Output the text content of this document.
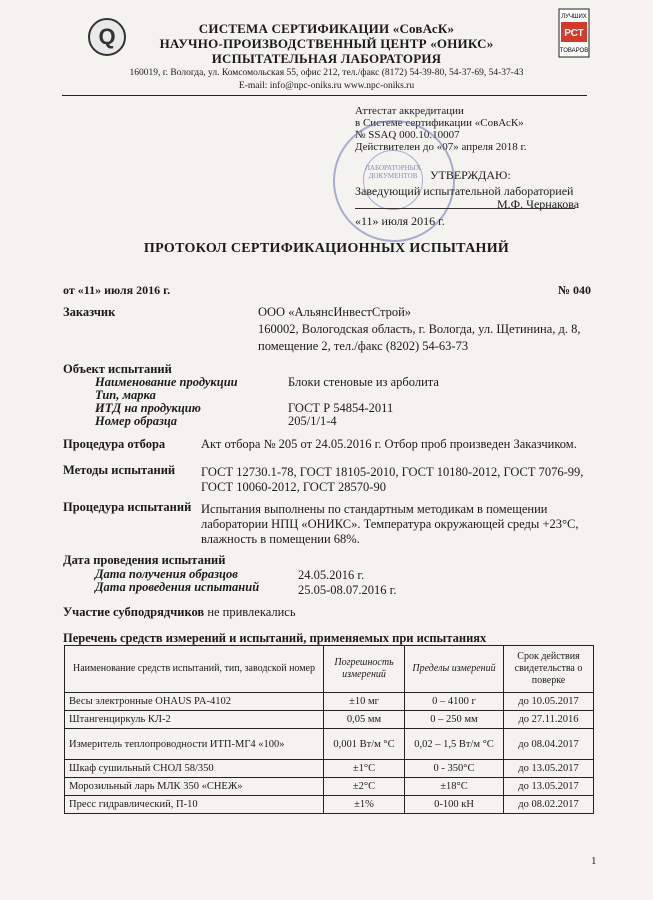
Q
ЛУЧШИХ
РСТ
ТОВАРОВ
СИСТЕМА СЕРТИФИКАЦИИ «СовАсК»
НАУЧНО-ПРОИЗВОДСТВЕННЫЙ ЦЕНТР «ОНИКС»
ИСПЫТАТЕЛЬНАЯ ЛАБОРАТОРИЯ
160019, г. Вологда, ул. Комсомольская 55, офис 212, тел./факс (8172) 54-39-80, 54-37-69, 54-37-43
E-mail: info@npc-oniks.ru www.npc-oniks.ru
Аттестат аккредитации
в Системе сертификации «СовАсК»
№ SSAQ 000.10.10007
Действителен до «07» апреля 2018 г.
ЛАБОРАТОРНЫХ ДОКУМЕНТОВ	УТВЕРЖДАЮ:
Заведующий испытательной лабораторией
М.Ф. Чернакова
«11» июля 2016 г.
ПРОТОКОЛ СЕРТИФИКАЦИОННЫХ ИСПЫТАНИЙ
от «11» июля 2016 г.	№ 040
Заказчик	ООО «АльянсИнвестСтрой»
160002, Вологодская область, г. Вологда, ул. Щетинина, д. 8,
помещение 2, тел./факс (8202) 54-63-73
Объект испытаний
Наименование продукции	Блоки стеновые из арболита
Тип, марка
ИТД на продукцию	ГОСТ Р 54854-2011
Номер образца	205/1/1-4
Процедура отбора	Акт отбора № 205 от 24.05.2016 г. Отбор проб произведен Заказчиком.
Методы испытаний ГОСТ 12730.1-78, ГОСТ 18105-2010, ГОСТ 10180-2012, ГОСТ 7076-99,
ГОСТ 10060-2012, ГОСТ 28570-90
Процедура испытаний Испытания выполнены по стандартным методикам в помещении
лаборатории НПЦ «ОНИКС». Температура окружающей среды +23°С,
влажность в помещении 68%.
Дата проведения испытаний
Дата получения образцов	24.05.2016 г.
Дата проведения испытаний	25.05-08.07.2016 г.
Участие субподрядчиков не привлекались
Перечень средств измерений и испытаний, применяемых при испытаниях
Наименование средств испытаний, тип, заводской номер	Погрешность измерений	Пределы измерений	Срок действия свидетельства о поверке
Весы электронные OHAUS PA-4102	±10 мг	0 – 4100 г	до 10.05.2017
Штангенциркуль КЛ-2	0,05 мм	0 – 250 мм	до 27.11.2016
Измеритель теплопроводности ИТП-МГ4 «100»	0,001 Вт/м °С	0,02 – 1,5 Вт/м °С	до 08.04.2017
Шкаф сушильный СНОЛ 58/350	±1°С	0 - 350°С	до 13.05.2017
Морозильный ларь МЛК 350 «СНЕЖ»	±2°С	±18°С	до 13.05.2017
Пресс гидравлический, П-10	±1%	0-100 кН	до 08.02.2017
1
